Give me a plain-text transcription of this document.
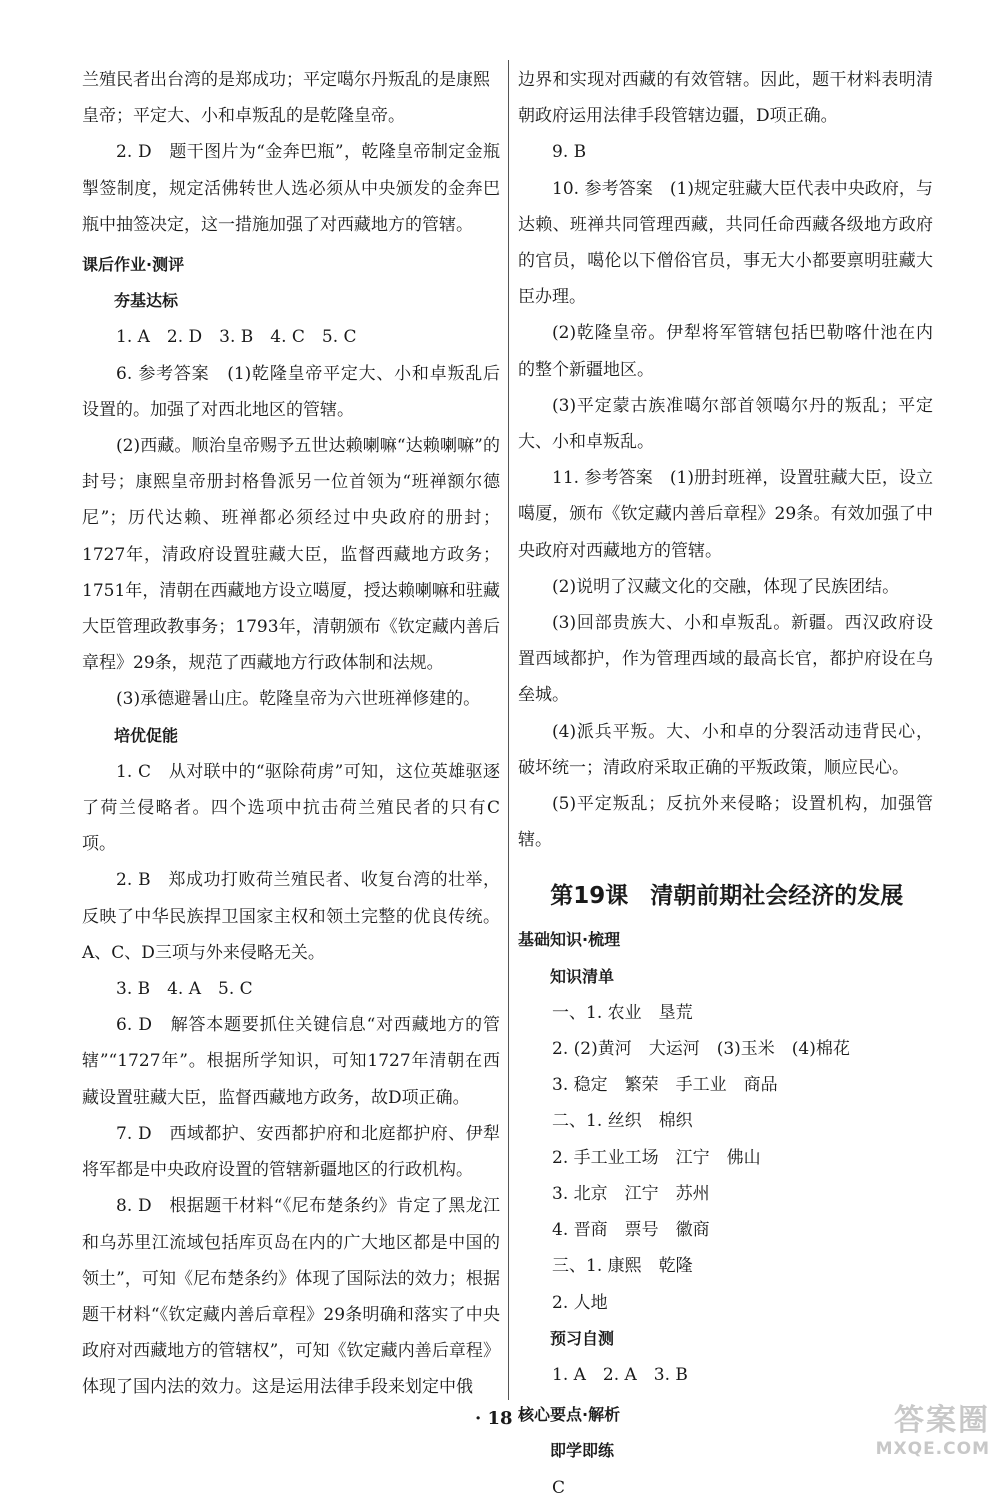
兰殖民者出台湾的是郑成功；平定噶尔丹叛乱的是康熙

皇帝；平定大、小和卓叛乱的是乾隆皇帝。

2. D　题干图片为“金奔巴瓶”，乾隆皇帝制定金瓶掣签制度，规定活佛转世人选必须从中央颁发的金奔巴瓶中抽签决定，这一措施加强了对西藏地方的管辖。

课后作业·测评

夯基达标

1. A　2. D　3. B　4. C　5. C

6. 参考答案　(1)乾隆皇帝平定大、小和卓叛乱后设置的。加强了对西北地区的管辖。

(2)西藏。顺治皇帝赐予五世达赖喇嘛“达赖喇嘛”的封号；康熙皇帝册封格鲁派另一位首领为“班禅额尔德尼”；历代达赖、班禅都必须经过中央政府的册封；1727年，清政府设置驻藏大臣，监督西藏地方政务；1751年，清朝在西藏地方设立噶厦，授达赖喇嘛和驻藏大臣管理政教事务；1793年，清朝颁布《钦定藏内善后章程》29条，规范了西藏地方行政体制和法规。

(3)承德避暑山庄。乾隆皇帝为六世班禅修建的。

培优促能

1. C　从对联中的“驱除荷虏”可知，这位英雄驱逐了荷兰侵略者。四个选项中抗击荷兰殖民者的只有C项。

2. B　郑成功打败荷兰殖民者、收复台湾的壮举，反映了中华民族捍卫国家主权和领土完整的优良传统。A、C、D三项与外来侵略无关。

3. B　4. A　5. C

6. D　解答本题要抓住关键信息“对西藏地方的管辖”“1727年”。根据所学知识，可知1727年清朝在西藏设置驻藏大臣，监督西藏地方政务，故D项正确。

7. D　西域都护、安西都护府和北庭都护府、伊犁将军都是中央政府设置的管辖新疆地区的行政机构。

8. D　根据题干材料“《尼布楚条约》肯定了黑龙江和乌苏里江流域包括库页岛在内的广大地区都是中国的领土”，可知《尼布楚条约》体现了国际法的效力；根据题干材料“《钦定藏内善后章程》29条明确和落实了中央政府对西藏地方的管辖权”，可知《钦定藏内善后章程》体现了国内法的效力。这是运用法律手段来划定中俄

边界和实现对西藏的有效管辖。因此，题干材料表明清朝政府运用法律手段管辖边疆，D项正确。

9. B

10. 参考答案　(1)规定驻藏大臣代表中央政府，与达赖、班禅共同管理西藏，共同任命西藏各级地方政府的官员，噶伦以下僧俗官员，事无大小都要禀明驻藏大臣办理。

(2)乾隆皇帝。伊犁将军管辖包括巴勒喀什池在内的整个新疆地区。

(3)平定蒙古族准噶尔部首领噶尔丹的叛乱；平定大、小和卓叛乱。

11. 参考答案　(1)册封班禅，设置驻藏大臣，设立噶厦，颁布《钦定藏内善后章程》29条。有效加强了中央政府对西藏地方的管辖。

(2)说明了汉藏文化的交融，体现了民族团结。

(3)回部贵族大、小和卓叛乱。新疆。西汉政府设置西域都护，作为管理西域的最高长官，都护府设在乌垒城。

(4)派兵平叛。大、小和卓的分裂活动违背民心，破坏统一；清政府采取正确的平叛政策，顺应民心。

(5)平定叛乱；反抗外来侵略；设置机构，加强管辖。

第19课 清朝前期社会经济的发展

基础知识·梳理

知识清单

一、1. 农业　垦荒

2. (2)黄河　大运河　(3)玉米　(4)棉花

3. 稳定　繁荣　手工业　商品

二、1. 丝织　棉织

2. 手工业工场　江宁　佛山

3. 北京　江宁　苏州

4. 晋商　票号　徽商

三、1. 康熙　乾隆

2. 人地

预习自测

1. A　2. A　3. B

核心要点·解析

即学即练

C

· 18 ·	答案圈
MXQE.COM
